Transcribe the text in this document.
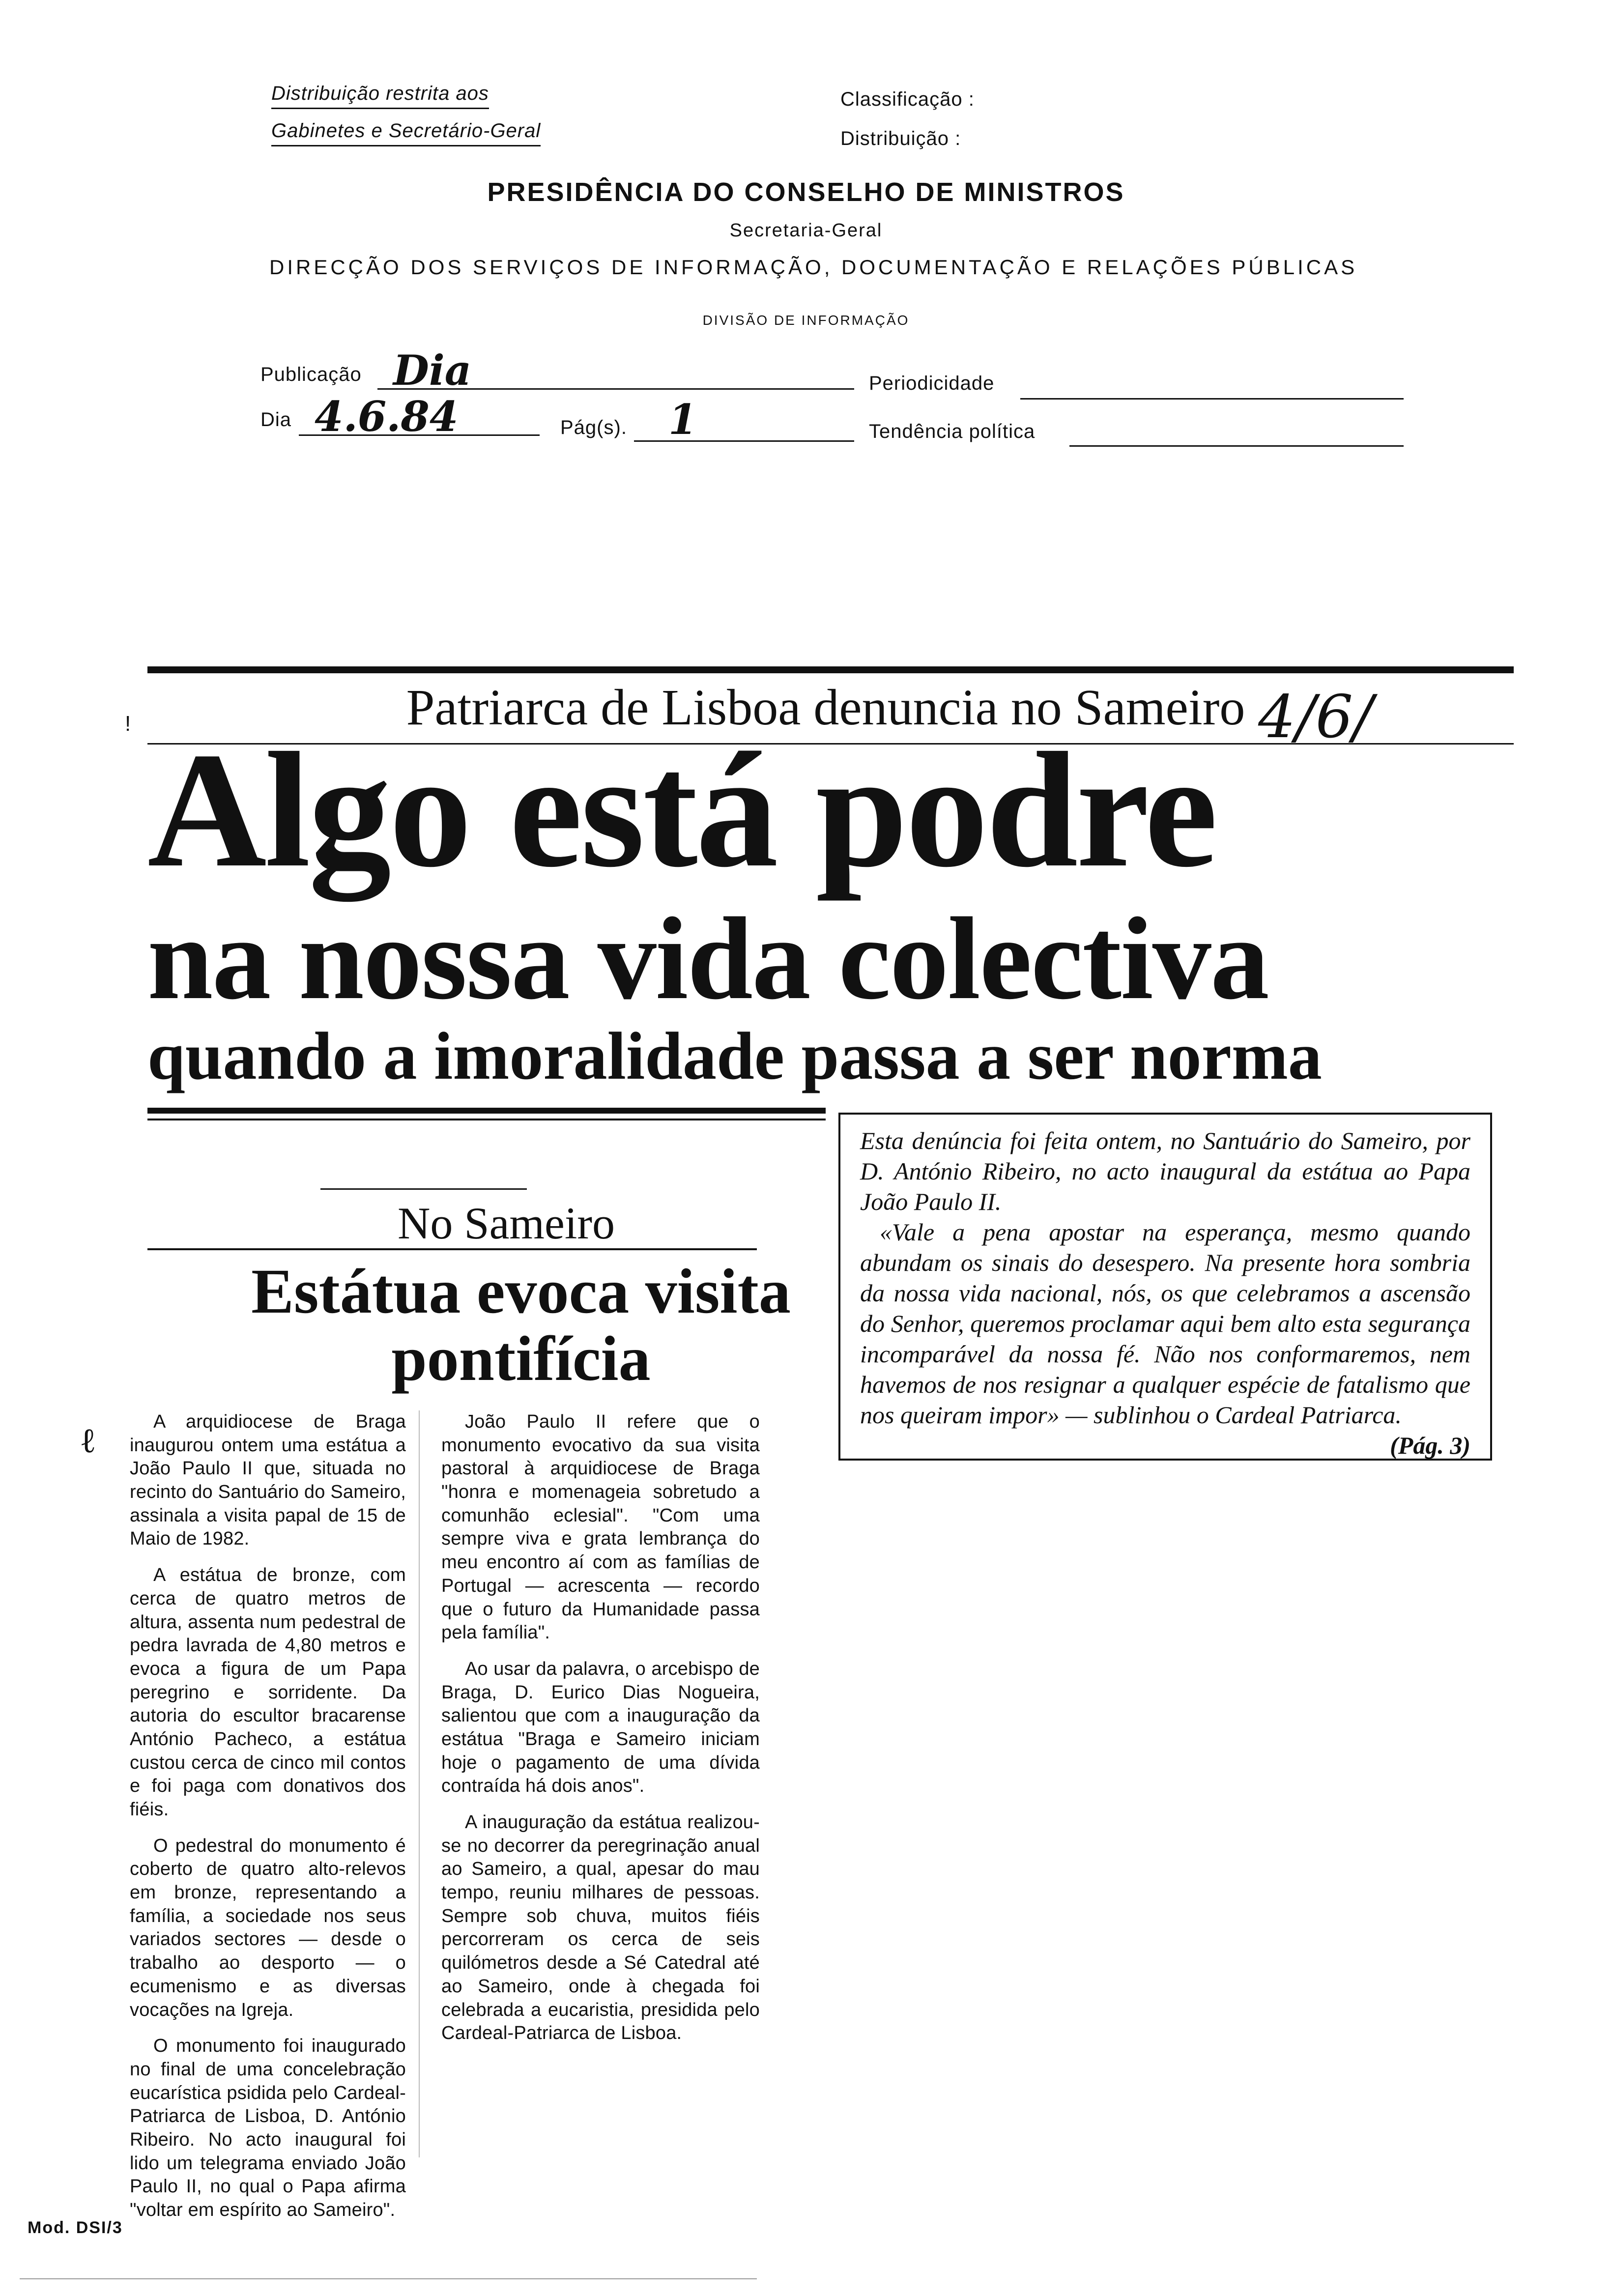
Distribuição restrita aos
Gabinetes e Secretário-Geral
Classificação :
Distribuição :
PRESIDÊNCIA DO CONSELHO DE MINISTROS
Secretaria-Geral
DIRECÇÃO DOS SERVIÇOS DE INFORMAÇÃO, DOCUMENTAÇÃO E RELAÇÕES PÚBLICAS
DIVISÃO DE INFORMAÇÃO
Publicação Dia	Periodicidade
Dia 4.6.84	Pág(s). 1	Tendência política
!	Patriarca de Lisboa denuncia no Sameiro 4/6/
Algo está podre
na nossa vida colectiva
quando a imoralidade passa a ser norma

Esta denúncia foi feita ontem, no Santuário do Sameiro, por D. António Ribeiro, no acto inaugural da estátua ao Papa João Paulo II.

«Vale a pena apostar na esperança, mesmo quando abundam os sinais do desespero. Na presente hora sombria da nossa vida nacional, nós, os que celebramos a ascensão do Senhor, queremos proclamar aqui bem alto esta segurança incomparável da nossa fé. Não nos conformaremos, nem havemos de nos resignar a qualquer espécie de fatalismo que nos queiram impor» — sublinhou o Cardeal Patriarca.
(Pág. 3)

No Sameiro
Estátua evoca visita pontifícia
ℓ	A arquidiocese de Braga inaugurou ontem uma estátua a João Paulo II que, situada no recinto do Santuário do Sameiro, assinala a visita papal de 15 de Maio de 1982.

A estátua de bronze, com cerca de quatro metros de altura, assenta num pedestral de pedra lavrada de 4,80 metros e evoca a figura de um Papa peregrino e sorridente. Da autoria do escultor bracarense António Pacheco, a estátua custou cerca de cinco mil contos e foi paga com donativos dos fiéis.

O pedestral do monumento é coberto de quatro alto-relevos em bronze, representando a família, a sociedade nos seus variados sectores — desde o trabalho ao desporto — o ecumenismo e as diversas vocações na Igreja.

O monumento foi inaugurado no final de uma concelebração eucarística psidida pelo Cardeal-Patriarca de Lisboa, D. António Ribeiro. No acto inaugural foi lido um telegrama enviado João Paulo II, no qual o Papa afirma "voltar em espírito ao Sameiro".

João Paulo II refere que o monumento evocativo da sua visita pastoral à arquidiocese de Braga "honra e momenageia sobretudo a comunhão eclesial". "Com uma sempre viva e grata lembrança do meu encontro aí com as famílias de Portugal — acrescenta — recordo que o futuro da Humanidade passa pela família".

Ao usar da palavra, o arcebispo de Braga, D. Eurico Dias Nogueira, salientou que com a inauguração da estátua "Braga e Sameiro iniciam hoje o pagamento de uma dívida contraída há dois anos".

A inauguração da estátua realizou-se no decorrer da peregrinação anual ao Sameiro, a qual, apesar do mau tempo, reuniu milhares de pessoas. Sempre sob chuva, muitos fiéis percorreram os cerca de seis quilómetros desde a Sé Catedral até ao Sameiro, onde à chegada foi celebrada a eucaristia, presidida pelo Cardeal-Patriarca de Lisboa.

Mod. DSI/3
